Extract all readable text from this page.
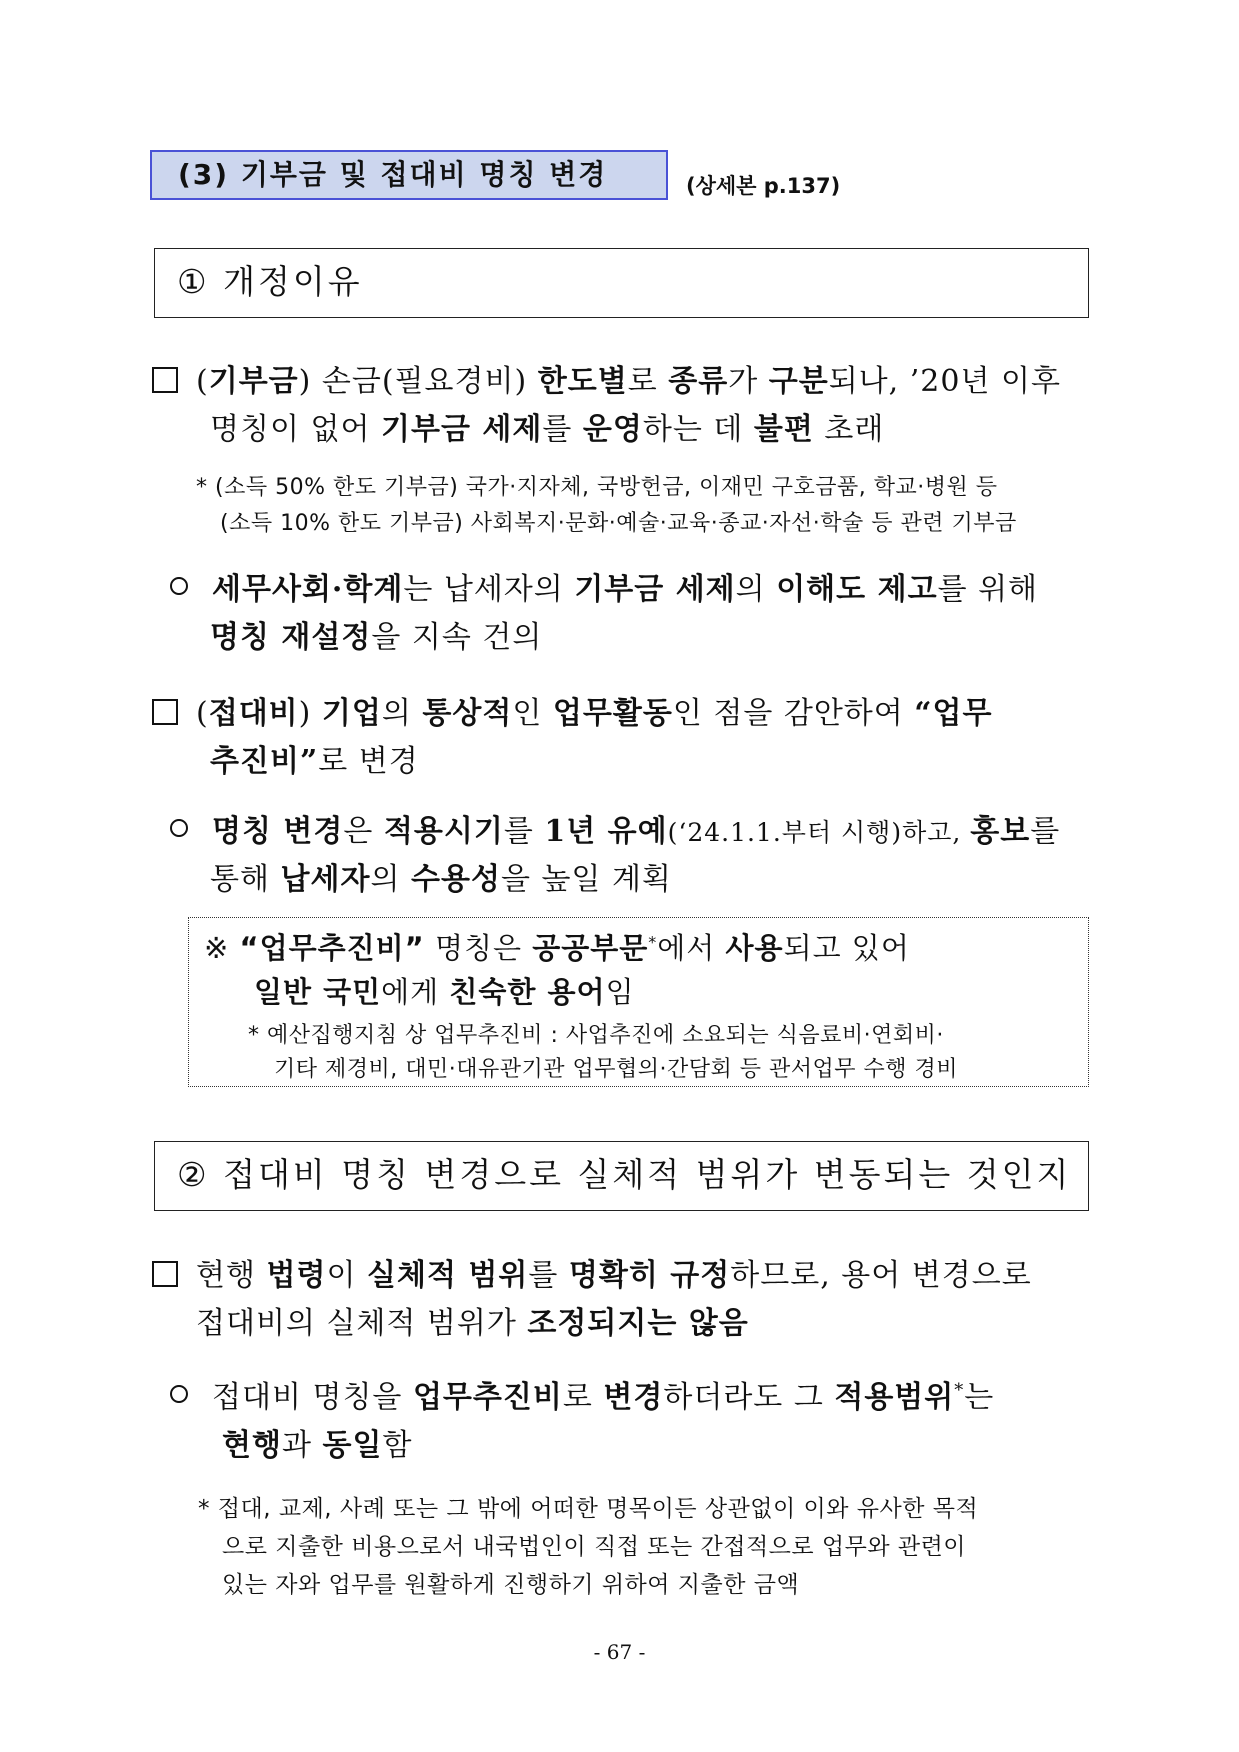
(3) 기부금 및 접대비 명칭 변경	(상세본 p.137)
① 개정이유
(기부금) 손금(필요경비) 한도별로 종류가 구분되나, ’20년 이후
명칭이 없어 기부금 세제를 운영하는 데 불편 초래
* (소득 50% 한도 기부금) 국가·지자체, 국방헌금, 이재민 구호금품, 학교·병원 등
(소득 10% 한도 기부금) 사회복지·문화·예술·교육·종교·자선·학술 등 관련 기부금
세무사회·학계는 납세자의 기부금 세제의 이해도 제고를 위해
명칭 재설정을 지속 건의
(접대비) 기업의 통상적인 업무활동인 점을 감안하여 “업무
추진비”로 변경
명칭 변경은 적용시기를 1년 유예(‘24.1.1.부터 시행)하고, 홍보를
통해 납세자의 수용성을 높일 계획
※ “업무추진비” 명칭은 공공부문*에서 사용되고 있어
일반 국민에게 친숙한 용어임
* 예산집행지침 상 업무추진비 : 사업추진에 소요되는 식음료비·연회비·
기타 제경비, 대민·대유관기관 업무협의·간담회 등 관서업무 수행 경비
② 접대비 명칭 변경으로 실체적 범위가 변동되는 것인지
현행 법령이 실체적 범위를 명확히 규정하므로, 용어 변경으로
접대비의 실체적 범위가 조정되지는 않음
접대비 명칭을 업무추진비로 변경하더라도 그 적용범위*는
현행과 동일함
* 접대, 교제, 사례 또는 그 밖에 어떠한 명목이든 상관없이 이와 유사한 목적
으로 지출한 비용으로서 내국법인이 직접 또는 간접적으로 업무와 관련이
있는 자와 업무를 원활하게 진행하기 위하여 지출한 금액
- 67 -
